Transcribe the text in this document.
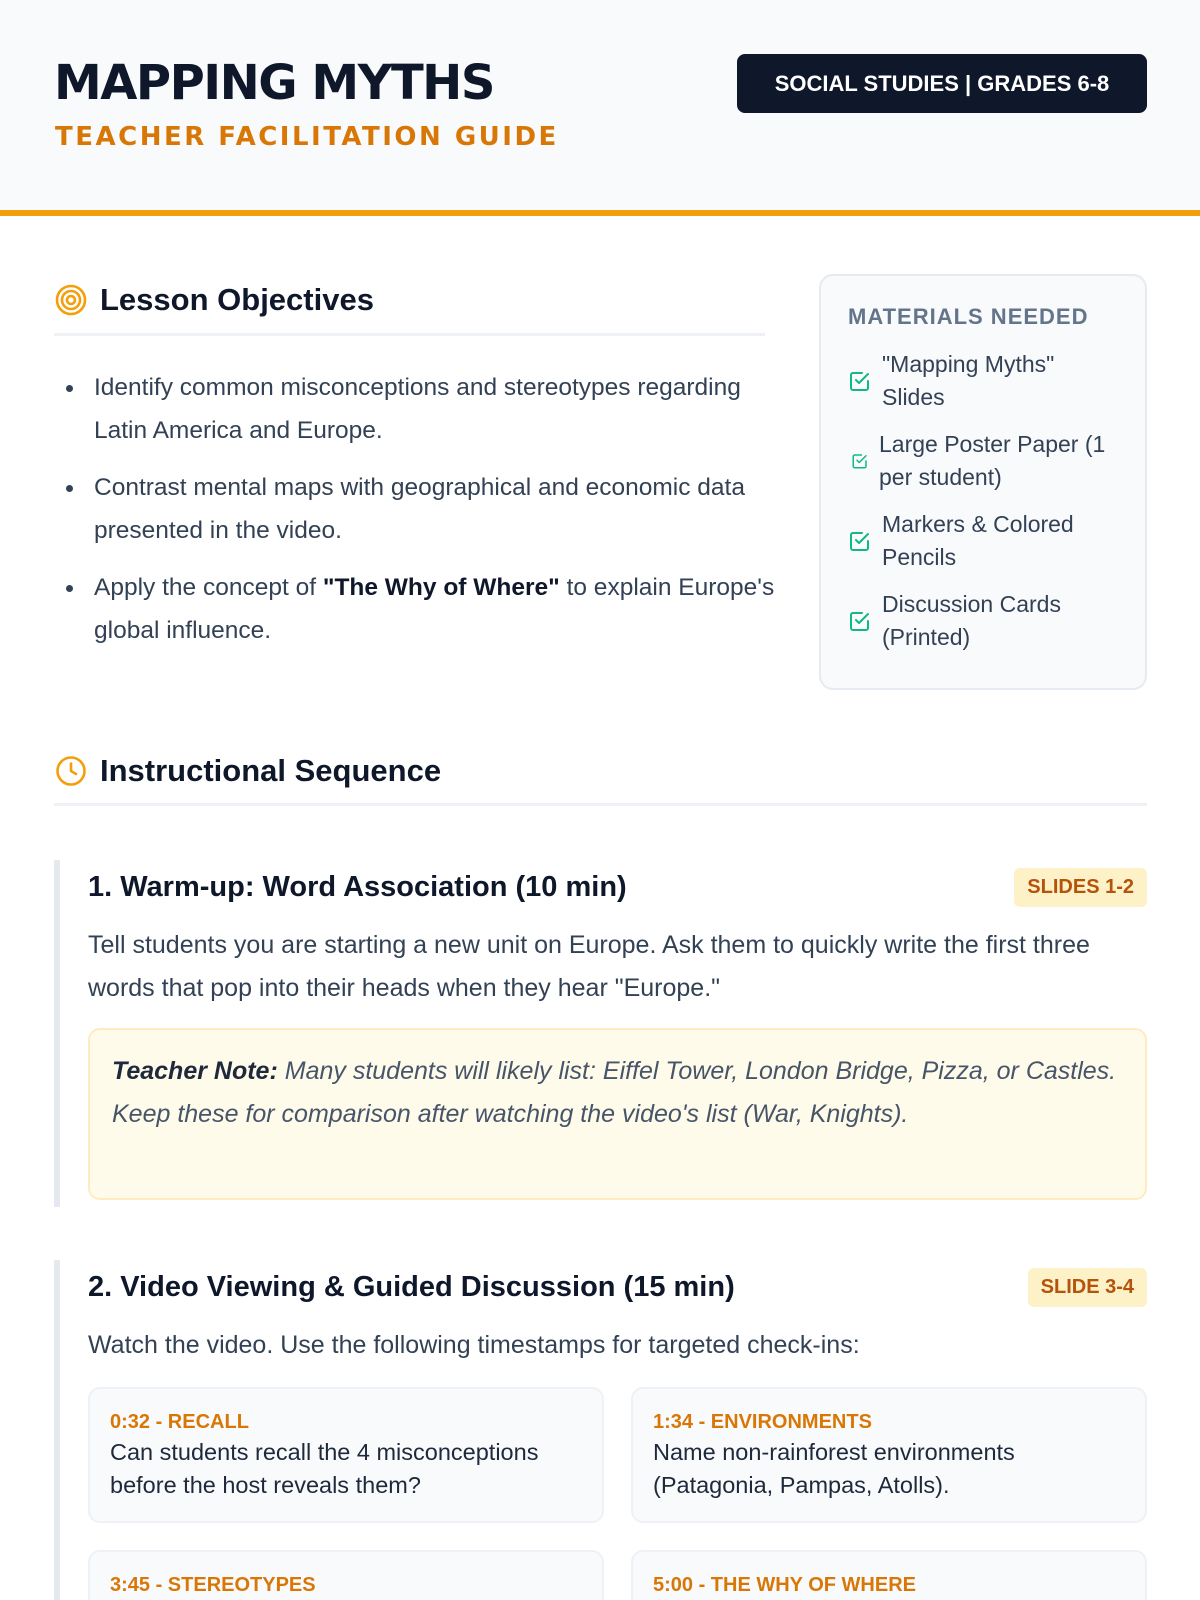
MAPPING MYTHS
TEACHER FACILITATION GUIDE
SOCIAL STUDIES | GRADES 6-8
Lesson Objectives
Identify common misconceptions and stereotypes regarding Latin America and Europe.
Contrast mental maps with geographical and economic data presented in the video.
Apply the concept of "The Why of Where" to explain Europe's global influence.
MATERIALS NEEDED
"Mapping Myths" Slides
Large Poster Paper (1 per student)
Markers & Colored Pencils
Discussion Cards (Printed)
Instructional Sequence
1. Warm-up: Word Association (10 min)	SLIDES 1-2

Tell students you are starting a new unit on Europe. Ask them to quickly write the first three words that pop into their heads when they hear "Europe."

Teacher Note: Many students will likely list: Eiffel Tower, London Bridge, Pizza, or Castles. Keep these for comparison after watching the video's list (War, Knights).
2. Video Viewing & Guided Discussion (15 min)	SLIDE 3-4

Watch the video. Use the following timestamps for targeted check-ins:

0:32 - RECALL
Can students recall the 4 misconceptions before the host reveals them?
1:34 - ENVIRONMENTS
Name non-rainforest environments (Patagonia, Pampas, Atolls).
3:45 - STEREOTYPES	5:00 - THE WHY OF WHERE
